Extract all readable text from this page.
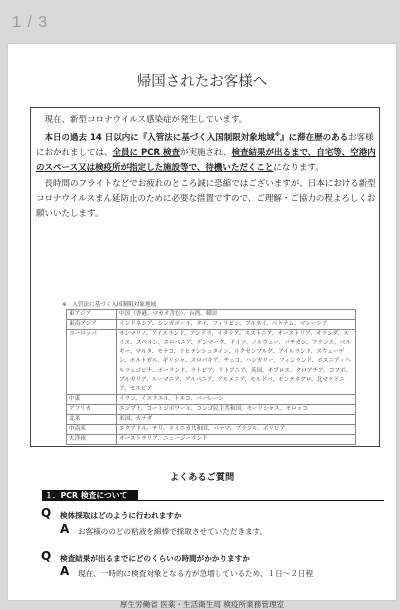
1 / 3
帰国されたお客様へ

現在、新型コロナウイルス感染症が発生しています。

本日の過去 14 日以内に『入管法に基づく入国制限対象地域※』に滞在歴のあるお客様におかれましては、全員に PCR 検査が実施され、検査結果が出るまで、自宅等、空港内のスペース又は検疫所が指定した施設等で、待機いただくことになります。

長時間のフライトなどでお疲れのところ誠に恐縮ではございますが、日本における新型コロナウイルスまん延防止のために必要な措置ですので、ご理解・ご協力の程よろしくお願いいたします。

※　入管法に基づく入国制限対象地域
東アジア	中国（香港、マカオ含む）、台湾、韓国
東南アジア	インドネシア、シンガポール、タイ、フィリピン、ブルネイ、ベトナム、マレーシア
ヨーロッパ	サンマリノ、アイスランド、アンドラ、イタリア、エストニア、オーストリア、オランダ、スイス、スペイン、スロベニア、デンマーク、ドイツ、ノルウェー、バチカン、フランス、ベルギー、マルタ、モナコ、リヒテンシュタイン、ルクセンブルグ、アイルランド、スウェーデン、ポルトガル、ギリシャ、スロバキア、チェコ、ハンガリー、フィンランド、ボスニア・ヘルツェゴビナ、ポーランド、ラトビア、リトアニア、英国、キプロス、クロアチア、コソボ、ブルガリア、ルーマニア、アルバニア、アルメニア、モルドバ、モンテネグロ、北マケドニア、セルビア
中東	イラン、イスラエル、トルコ、バーレーン
アフリカ	エジプト、コートジボワール、コンゴ民主共和国、モーリシャス、モロッコ
北米	米国、カナダ
中南米	エクアドル、チリ、ドミニカ共和国、パナマ、ブラジル、ボリビア
大洋州	オーストラリア、ニュージーランド
よくあるご質問
１．PCR 検査について
Q 検体採取はどのように行われますか
A お客様ののどの粘液を綿棒で採取させていただきます。
Q 検査結果が出るまでにどのくらいの時間がかかりますか
A 現在、一時的に検査対象となる方が急増しているため、１日～２日程
厚生労働省 医薬・生活衛生局 検疫所業務管理室
